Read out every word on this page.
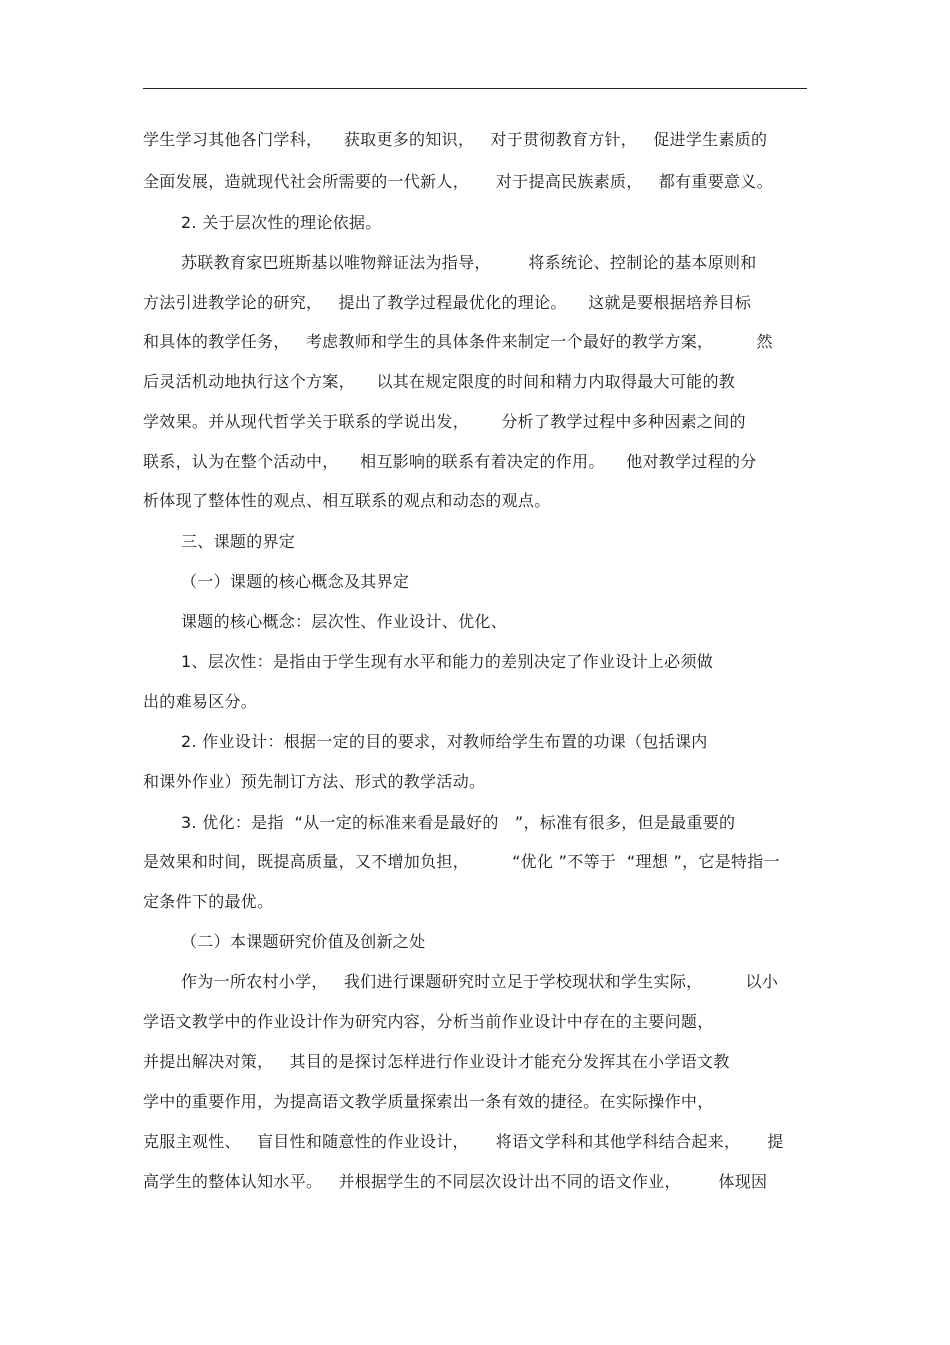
学生学习其他各门学科，    获取更多的知识，   对于贯彻教育方针，   促进学生素质的
全面发展，造就现代社会所需要的一代新人，     对于提高民族素质，   都有重要意义。
2. 关于层次性的理论依据。
苏联教育家巴班斯基以唯物辩证法为指导，       将系统论、控制论的基本原则和
方法引进教学论的研究，   提出了教学过程最优化的理论。    这就是要根据培养目标
和具体的教学任务，   考虑教师和学生的具体条件来制定一个最好的教学方案，        然
后灵活机动地执行这个方案，    以其在规定限度的时间和精力内取得最大可能的教
学效果。并从现代哲学关于联系的学说出发，      分析了教学过程中多种因素之间的
联系，认为在整个活动中，    相互影响的联系有着决定的作用。    他对教学过程的分
析体现了整体性的观点、相互联系的观点和动态的观点。
三、课题的界定
（一）课题的核心概念及其界定
课题的核心概念：层次性、作业设计、优化、
1、层次性：是指由于学生现有水平和能力的差别决定了作业设计上必须做
出的难易区分。
2. 作业设计：根据一定的目的要求，对教师给学生布置的功课（包括课内
和课外作业）预先制订方法、形式的教学活动。
3. 优化：是指  “从一定的标准来看是最好的   ”，标准有很多，但是最重要的
是效果和时间，既提高质量，又不增加负担，        “优化 ”不等于  “理想 ”，它是特指一
定条件下的最优。
（二）本课题研究价值及创新之处
作为一所农村小学，   我们进行课题研究时立足于学校现状和学生实际，        以小
学语文教学中的作业设计作为研究内容，分析当前作业设计中存在的主要问题，
并提出解决对策，   其目的是探讨怎样进行作业设计才能充分发挥其在小学语文教
学中的重要作用，为提高语文教学质量探索出一条有效的捷径。在实际操作中，
克服主观性、   盲目性和随意性的作业设计，     将语文学科和其他学科结合起来，     提
高学生的整体认知水平。   并根据学生的不同层次设计出不同的语文作业，       体现因
